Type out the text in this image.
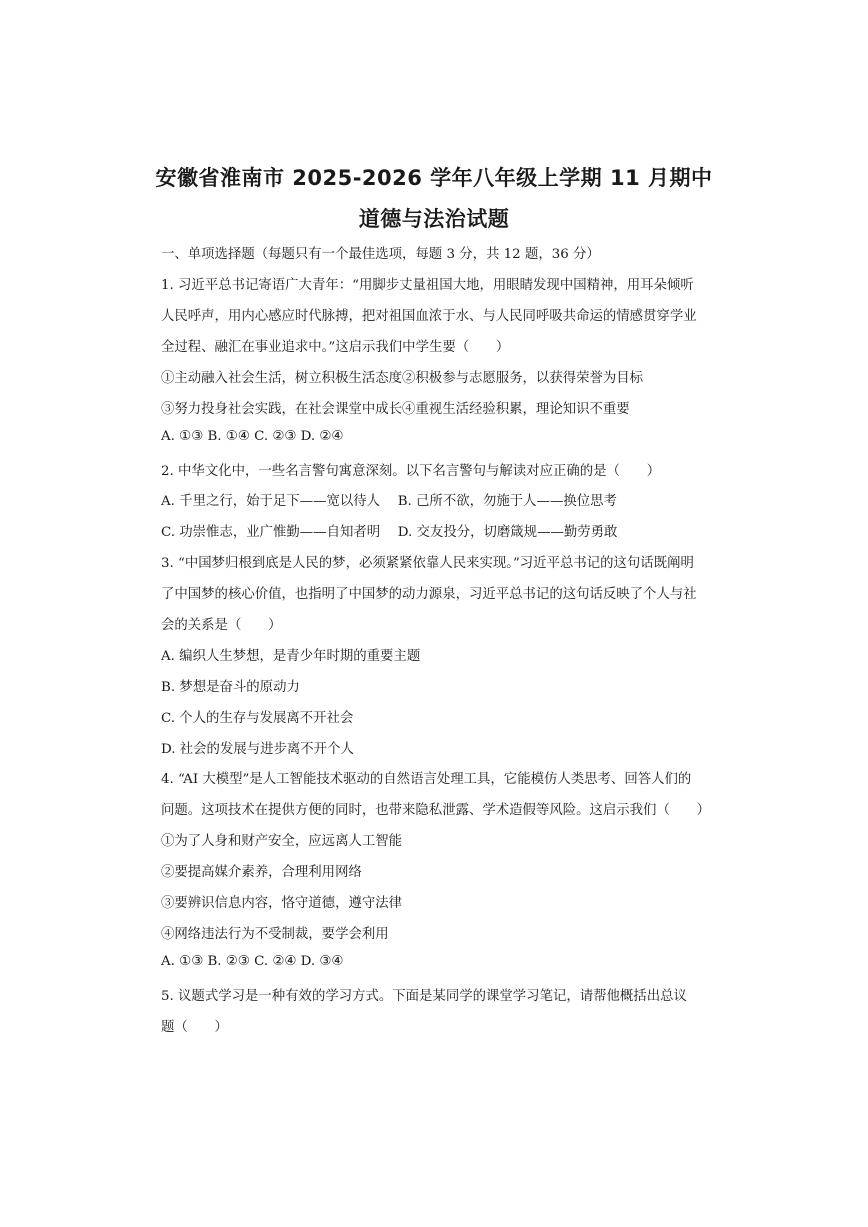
安徽省淮南市 2025-2026 学年八年级上学期 11 月期中
道德与法治试题
一、单项选择题（每题只有一个最佳选项，每题 3 分，共 12 题，36 分）
1. 习近平总书记寄语广大青年：“用脚步丈量祖国大地，用眼睛发现中国精神，用耳朵倾听
人民呼声，用内心感应时代脉搏，把对祖国血浓于水、与人民同呼吸共命运的情感贯穿学业
全过程、融汇在事业追求中。”这启示我们中学生要（　　）
①主动融入社会生活，树立积极生活态度②积极参与志愿服务，以获得荣誉为目标
③努力投身社会实践，在社会课堂中成长④重视生活经验积累，理论知识不重要
A. ①③ B. ①④ C. ②③ D. ②④
2. 中华文化中，一些名言警句寓意深刻。以下名言警句与解读对应正确的是（　　）
A. 千里之行，始于足下——宽以待人　 B. 己所不欲，勿施于人——换位思考
C. 功崇惟志，业广惟勤——自知者明　 D. 交友投分，切磨箴规——勤劳勇敢
3. “中国梦归根到底是人民的梦，必须紧紧依靠人民来实现。”习近平总书记的这句话既阐明
了中国梦的核心价值，也指明了中国梦的动力源泉，习近平总书记的这句话反映了个人与社
会的关系是（　　）
A. 编织人生梦想，是青少年时期的重要主题
B. 梦想是奋斗的原动力
C. 个人的生存与发展离不开社会
D. 社会的发展与进步离不开个人
4. “AI 大模型”是人工智能技术驱动的自然语言处理工具，它能模仿人类思考、回答人们的
问题。这项技术在提供方便的同时，也带来隐私泄露、学术造假等风险。这启示我们（　　）
①为了人身和财产安全，应远离人工智能
②要提高媒介素养，合理利用网络
③要辨识信息内容，恪守道德，遵守法律
④网络违法行为不受制裁，要学会利用
A. ①③ B. ②③ C. ②④ D. ③④
5. 议题式学习是一种有效的学习方式。下面是某同学的课堂学习笔记，请帮他概括出总议
题（　　）
